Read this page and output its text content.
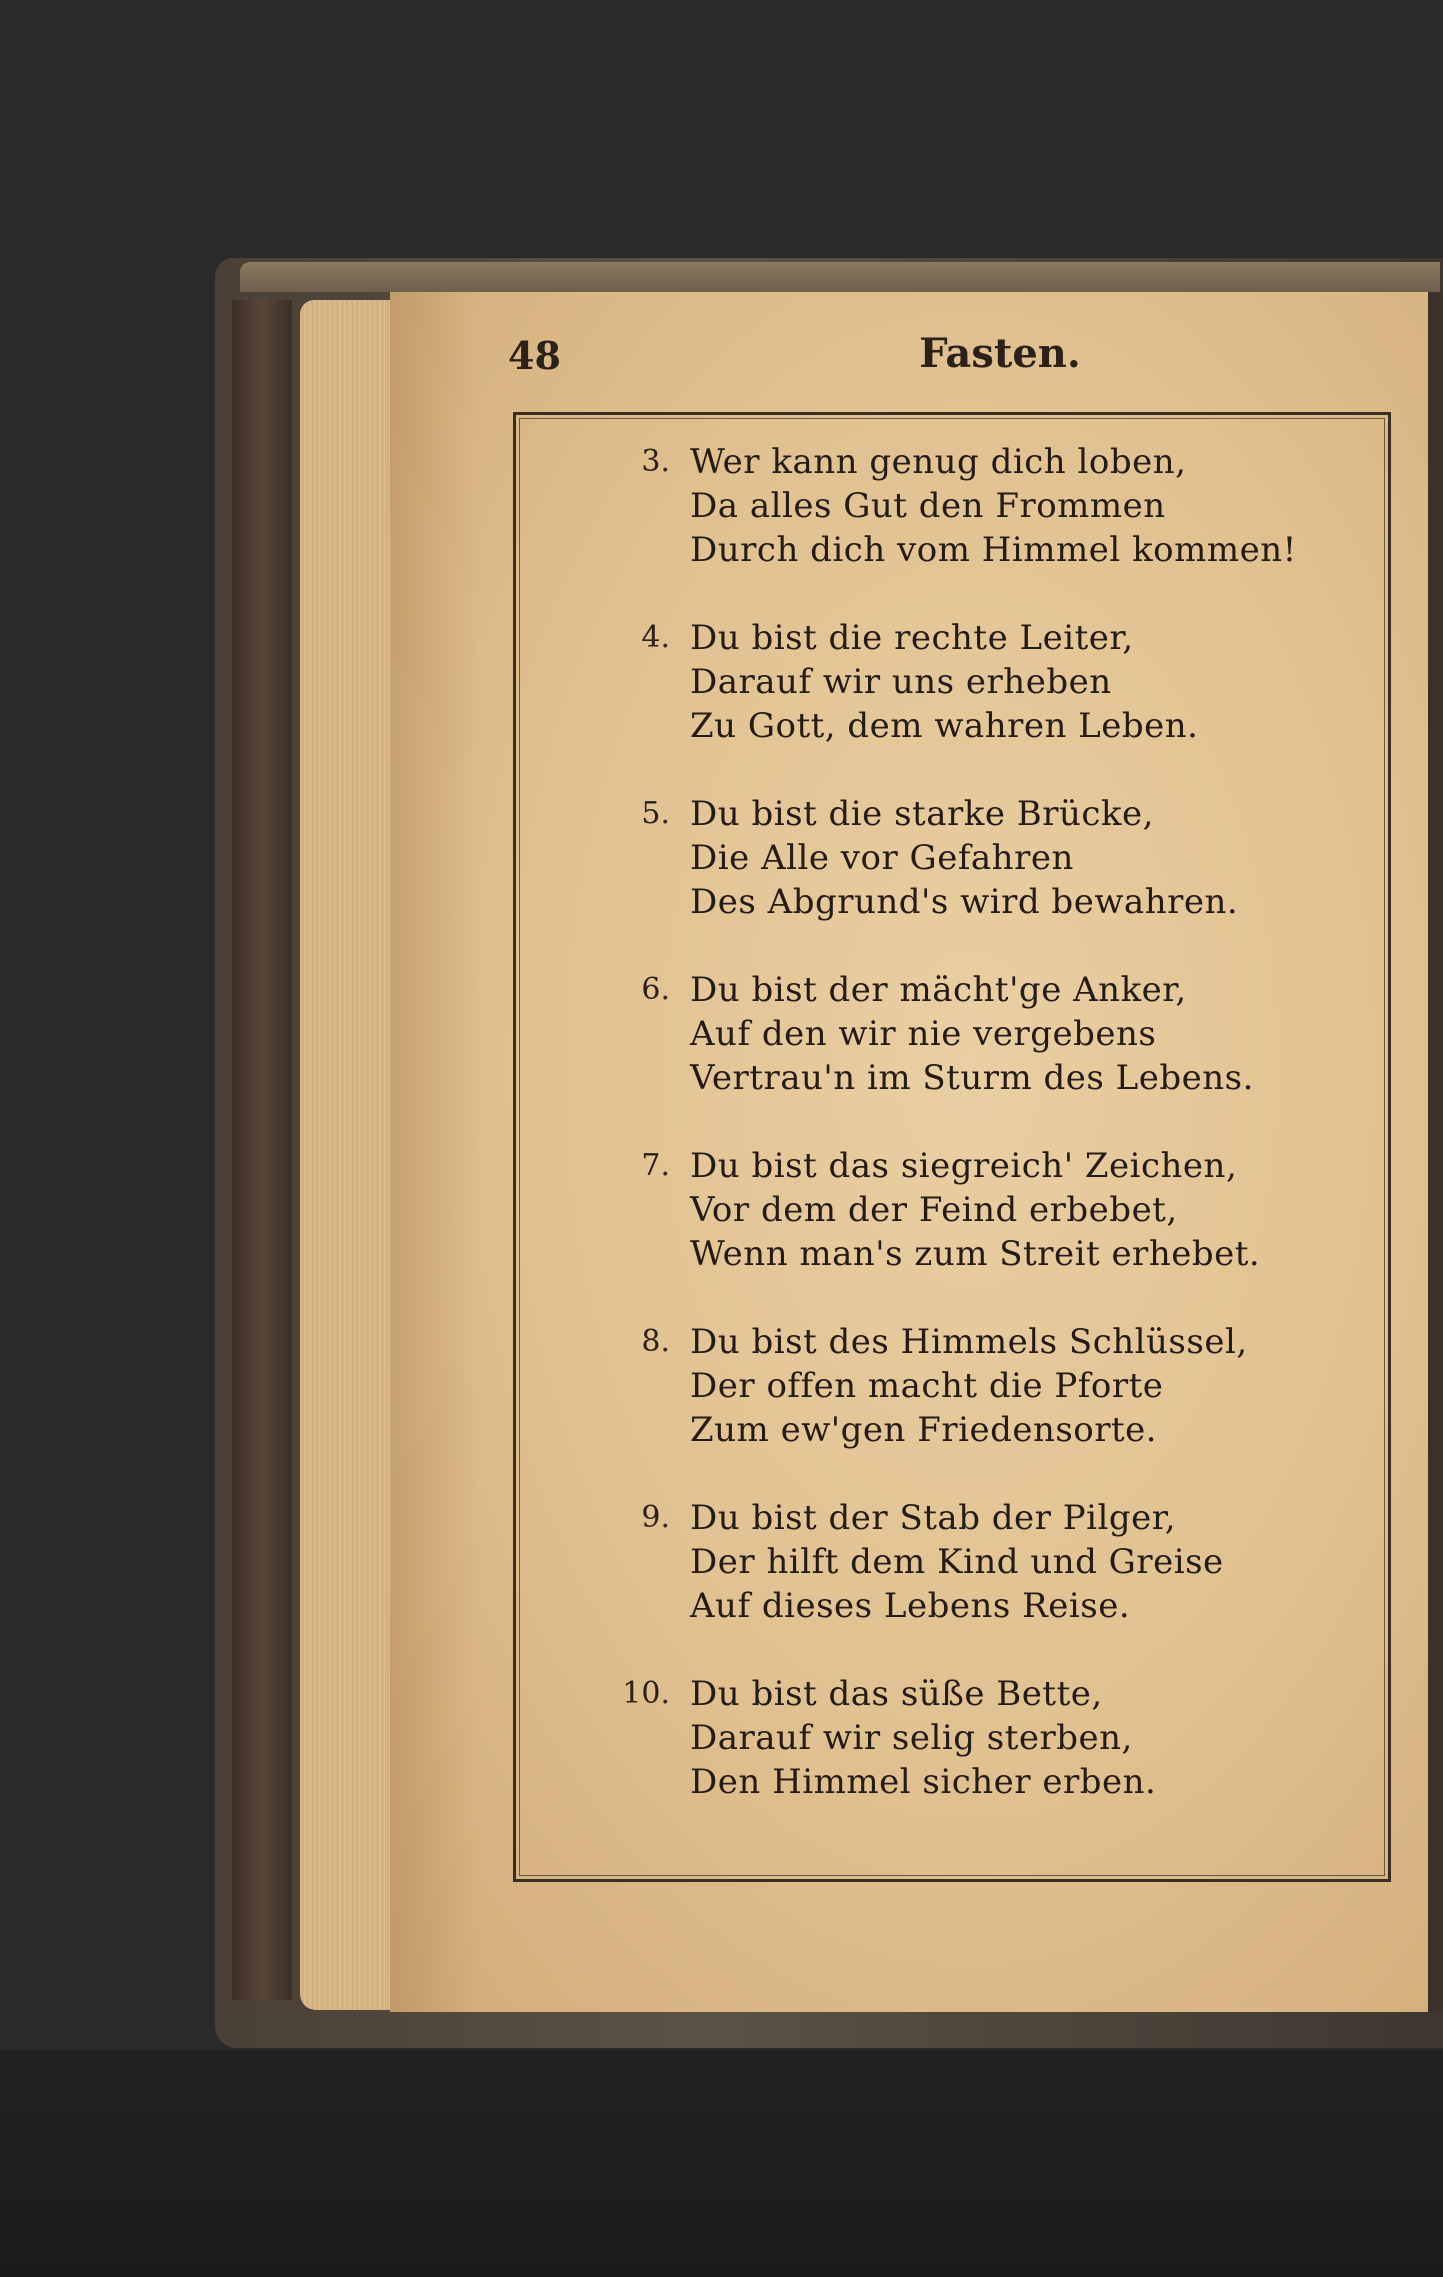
48	Fasten.
3. Wer kann genug dich loben,
Da alles Gut den Frommen
Durch dich vom Himmel kommen!
4. Du bist die rechte Leiter,
Darauf wir uns erheben
Zu Gott, dem wahren Leben.
5. Du bist die starke Brücke,
Die Alle vor Gefahren
Des Abgrund's wird bewahren.
6. Du bist der mächt'ge Anker,
Auf den wir nie vergebens
Vertrau'n im Sturm des Lebens.
7. Du bist das siegreich' Zeichen,
Vor dem der Feind erbebet,
Wenn man's zum Streit erhebet.
8. Du bist des Himmels Schlüssel,
Der offen macht die Pforte
Zum ew'gen Friedensorte.
9. Du bist der Stab der Pilger,
Der hilft dem Kind und Greise
Auf dieses Lebens Reise.
10. Du bist das süße Bette,
Darauf wir selig sterben,
Den Himmel sicher erben.
